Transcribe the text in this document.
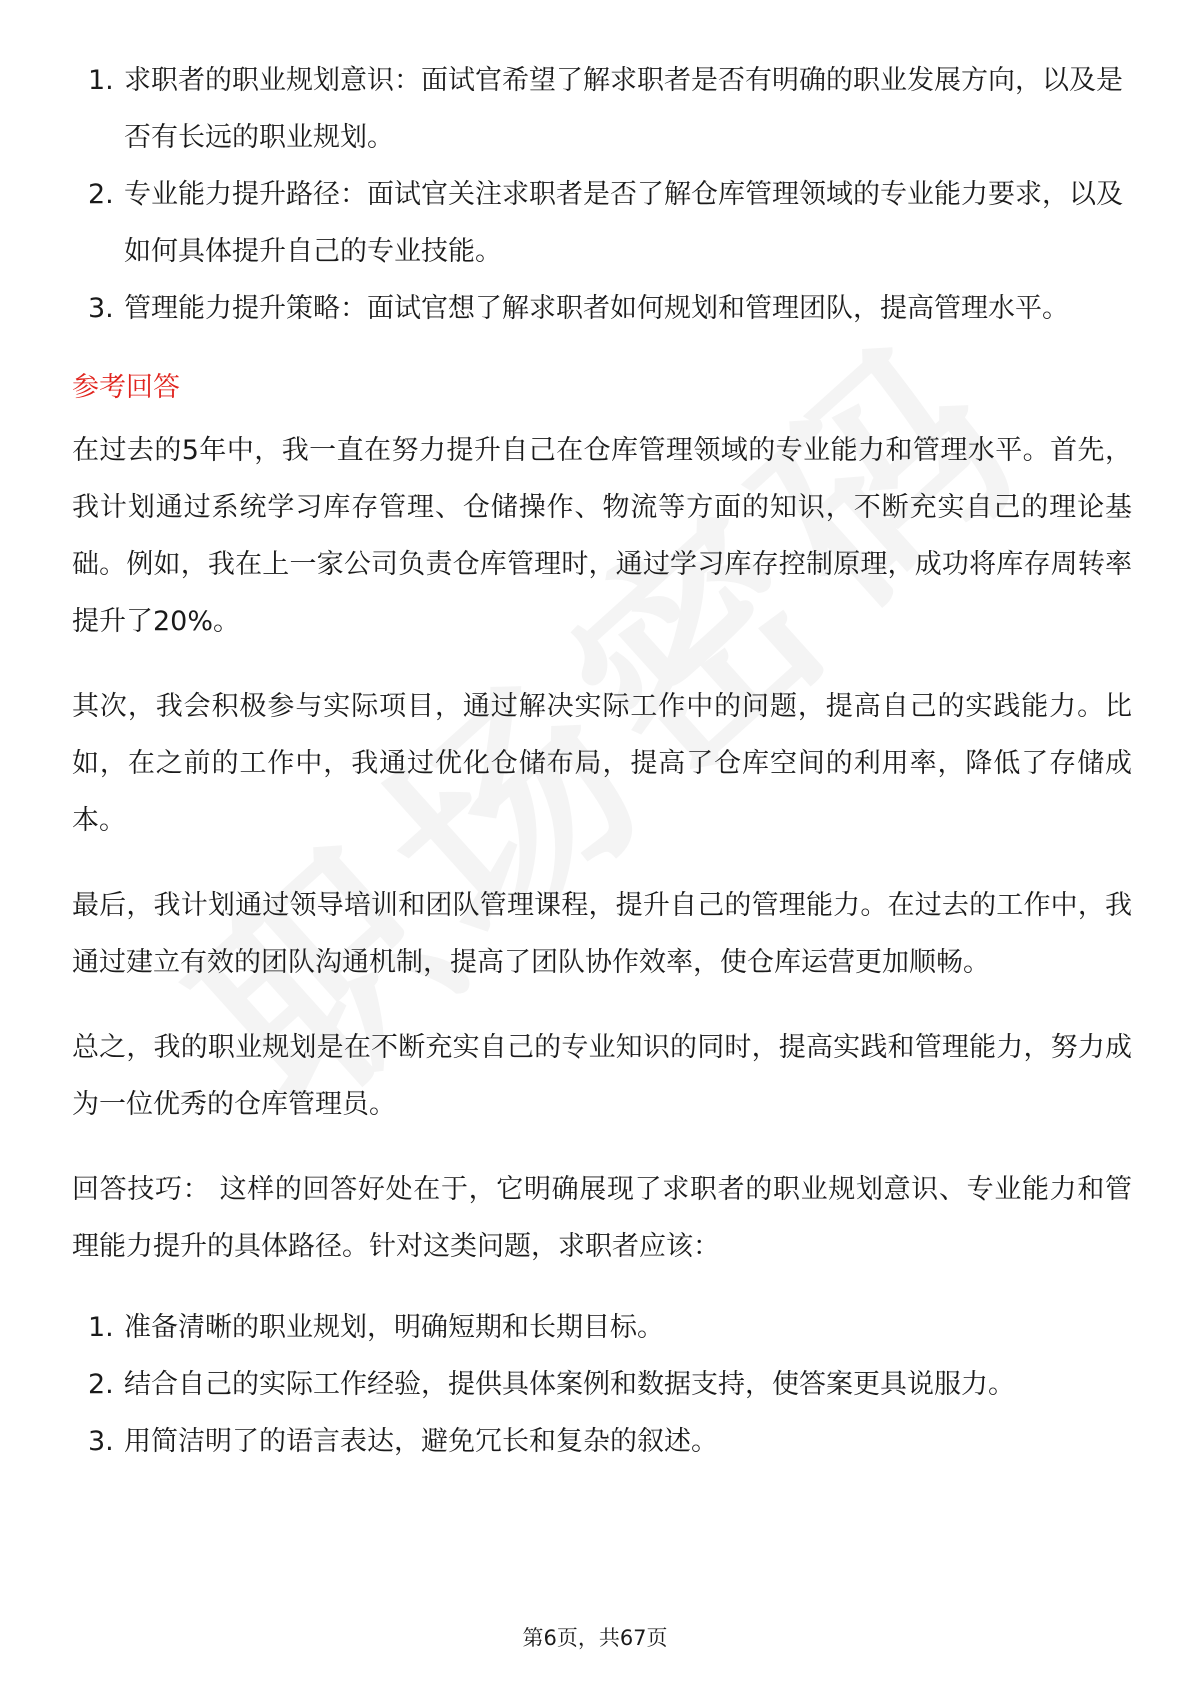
1. 求职者的职业规划意识：面试官希望了解求职者是否有明确的职业发展方向，以及是否有长远的职业规划。
2. 专业能力提升路径：面试官关注求职者是否了解仓库管理领域的专业能力要求，以及如何具体提升自己的专业技能。
3. 管理能力提升策略：面试官想了解求职者如何规划和管理团队，提高管理水平。
参考回答
在过去的5年中，我一直在努力提升自己在仓库管理领域的专业能力和管理水平。首先，我计划通过系统学习库存管理、仓储操作、物流等方面的知识，不断充实自己的理论基础。例如，我在上一家公司负责仓库管理时，通过学习库存控制原理，成功将库存周转率提升了20%。
其次，我会积极参与实际项目，通过解决实际工作中的问题，提高自己的实践能力。比如，在之前的工作中，我通过优化仓储布局，提高了仓库空间的利用率，降低了存储成本。
最后，我计划通过领导培训和团队管理课程，提升自己的管理能力。在过去的工作中，我通过建立有效的团队沟通机制，提高了团队协作效率，使仓库运营更加顺畅。
总之，我的职业规划是在不断充实自己的专业知识的同时，提高实践和管理能力，努力成为一位优秀的仓库管理员。
回答技巧： 这样的回答好处在于，它明确展现了求职者的职业规划意识、专业能力和管理能力提升的具体路径。针对这类问题，求职者应该：
1. 准备清晰的职业规划，明确短期和长期目标。
2. 结合自己的实际工作经验，提供具体案例和数据支持，使答案更具说服力。
3. 用简洁明了的语言表达，避免冗长和复杂的叙述。
第6页，共67页
